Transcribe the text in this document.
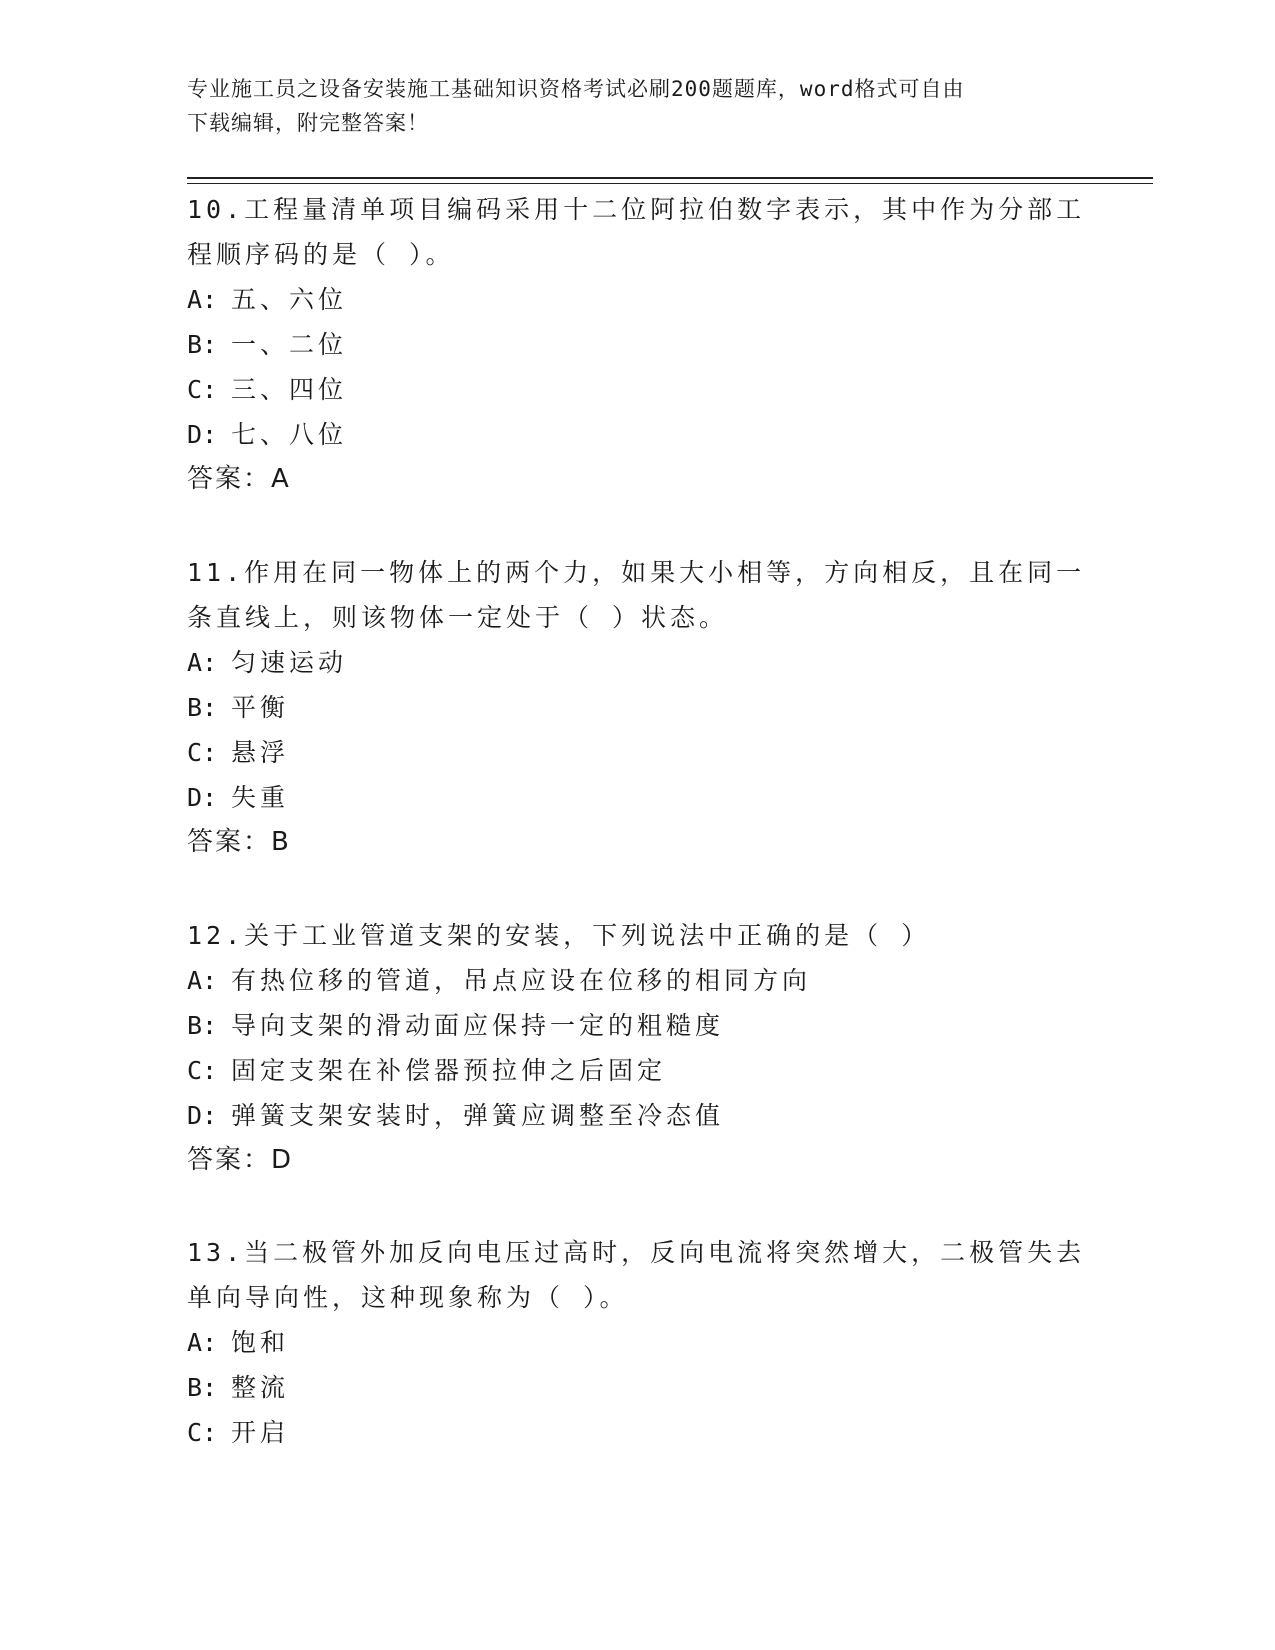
专业施工员之设备安装施工基础知识资格考试必刷200题题库，word格式可自由
下载编辑，附完整答案！
10.工程量清单项目编码采用十二位阿拉伯数字表示，其中作为分部工
程顺序码的是（ ）。
A: 五、六位
B: 一、二位
C: 三、四位
D: 七、八位
答案：A
11.作用在同一物体上的两个力，如果大小相等，方向相反，且在同一
条直线上，则该物体一定处于（ ）状态。
A: 匀速运动
B: 平衡
C: 悬浮
D: 失重
答案：B
12.关于工业管道支架的安装，下列说法中正确的是（ ）
A: 有热位移的管道，吊点应设在位移的相同方向
B: 导向支架的滑动面应保持一定的粗糙度
C: 固定支架在补偿器预拉伸之后固定
D: 弹簧支架安装时，弹簧应调整至冷态值
答案：D
13.当二极管外加反向电压过高时，反向电流将突然增大，二极管失去
单向导向性，这种现象称为（ ）。
A: 饱和
B: 整流
C: 开启
